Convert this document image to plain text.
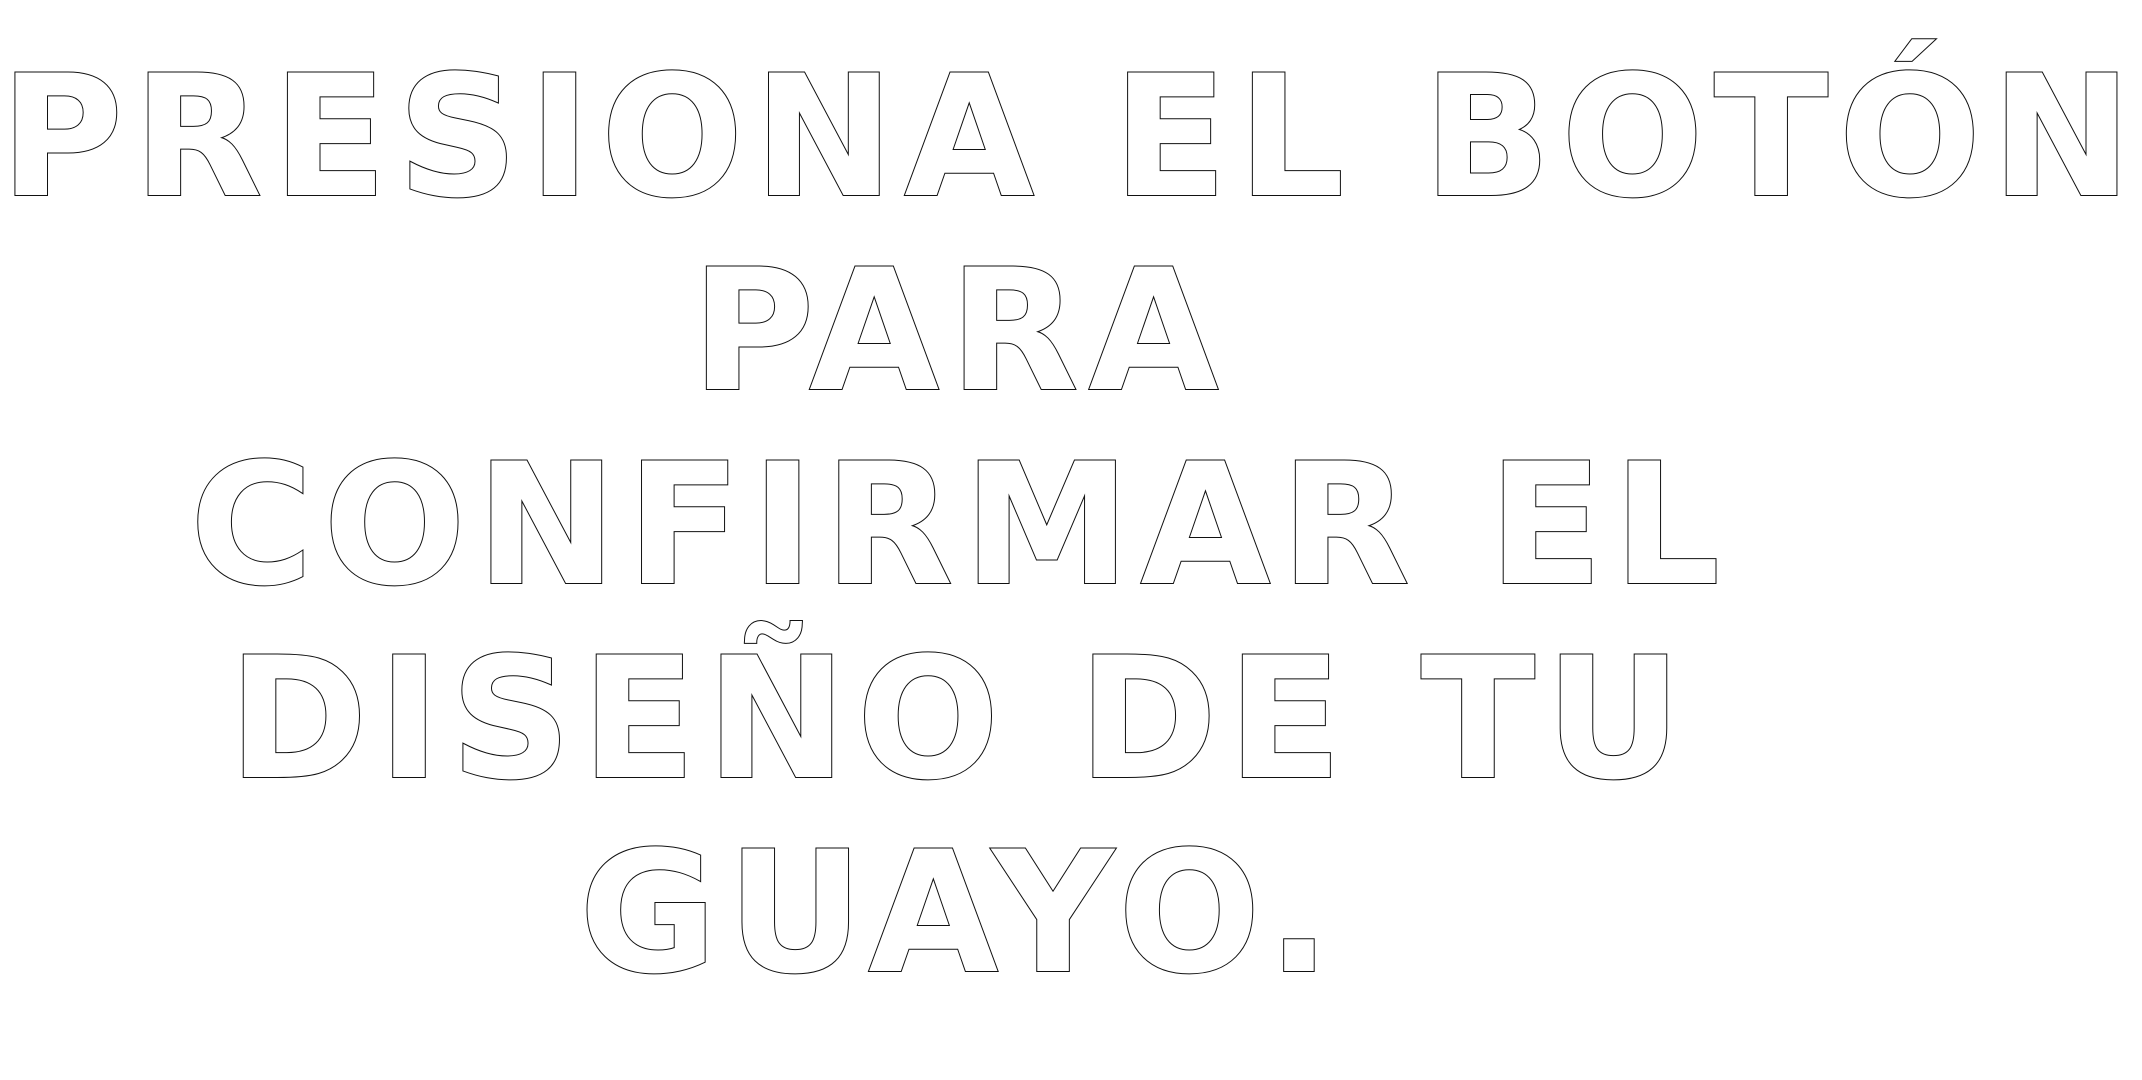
PRESIONA EL BOTÓN
PARA
CONFIRMAR EL
DISEÑO DE TU
GUAYO.
